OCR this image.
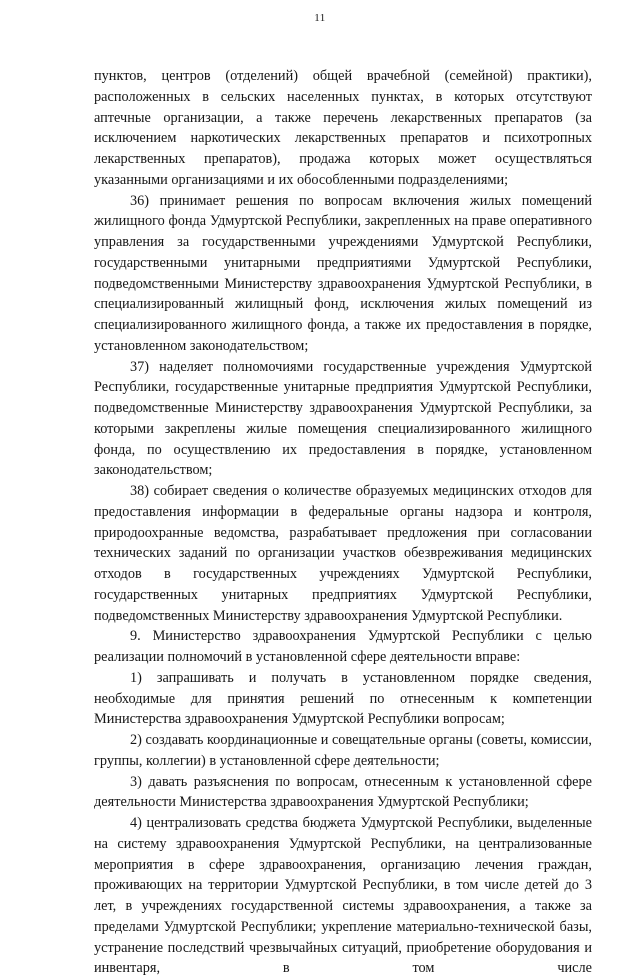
11

пунктов, центров (отделений) общей врачебной (семейной) практики), расположенных в сельских населенных пунктах, в которых отсутствуют аптечные организации, а также перечень лекарственных препаратов (за исключением наркотических лекарственных препаратов и психотропных лекарственных препаратов), продажа которых может осуществляться указанными организациями и их обособленными подразделениями;

36) принимает решения по вопросам включения жилых помещений жилищного фонда Удмуртской Республики, закрепленных на праве оперативного управления за государственными учреждениями Удмуртской Республики, государственными унитарными предприятиями Удмуртской Республики, подведомственными Министерству здравоохранения Удмуртской Республики, в специализированный жилищный фонд, исключения жилых помещений из специализированного жилищного фонда, а также их предоставления в порядке, установленном законодательством;

37) наделяет полномочиями государственные учреждения Удмуртской Республики, государственные унитарные предприятия Удмуртской Республики, подведомственные Министерству здравоохранения Удмуртской Республики, за которыми закреплены жилые помещения специализированного жилищного фонда, по осуществлению их предоставления в порядке, установленном законодательством;

38) собирает сведения о количестве образуемых медицинских отходов для предоставления информации в федеральные органы надзора и контроля, природоохранные ведомства, разрабатывает предложения при согласовании технических заданий по организации участков обезвреживания медицинских отходов в государственных учреждениях Удмуртской Республики, государственных унитарных предприятиях Удмуртской Республики, подведомственных Министерству здравоохранения Удмуртской Республики.

9. Министерство здравоохранения Удмуртской Республики с целью реализации полномочий в установленной сфере деятельности вправе:

1) запрашивать и получать в установленном порядке сведения, необходимые для принятия решений по отнесенным к компетенции Министерства здравоохранения Удмуртской Республики вопросам;

2) создавать координационные и совещательные органы (советы, комиссии, группы, коллегии) в установленной сфере деятельности;

3) давать разъяснения по вопросам, отнесенным к установленной сфере деятельности Министерства здравоохранения Удмуртской Республики;

4) централизовать средства бюджета Удмуртской Республики, выделенные на систему здравоохранения Удмуртской Республики, на централизованные мероприятия в сфере здравоохранения, организацию лечения граждан, проживающих на территории Удмуртской Республики, в том числе детей до 3 лет, в учреждениях государственной системы здравоохранения, а также за пределами Удмуртской Республики; укрепление материально-технической базы, устранение последствий чрезвычайных ситуаций, приобретение оборудования и инвентаря, в том числе
